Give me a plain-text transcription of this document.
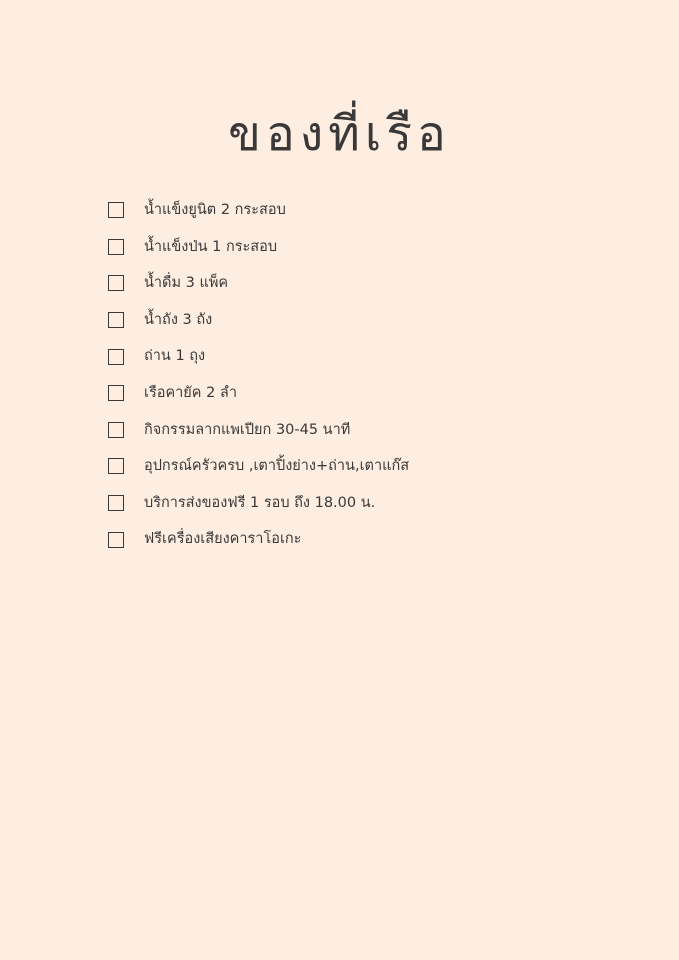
ของที่เรือ
น้ำแข็งยูนิต 2 กระสอบ
น้ำแข็งป่น 1 กระสอบ
น้ำดื่ม 3 แพ็ค
น้ำถัง 3 ถัง
ถ่าน 1 ถุง
เรือคายัค 2 ลำ
กิจกรรมลากแพเปียก 30-45 นาที
อุปกรณ์ครัวครบ ,เตาปิ้งย่าง+ถ่าน,เตาแก๊ส
บริการส่งของฟรี 1 รอบ ถึง 18.00 น.
ฟรีเครื่องเสียงคาราโอเกะ
